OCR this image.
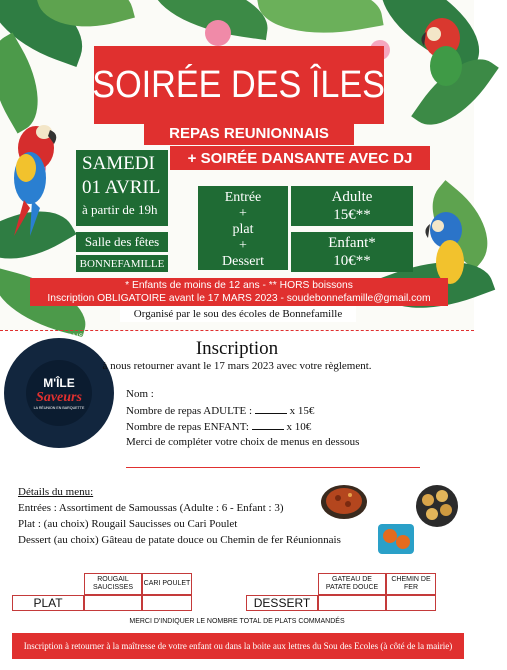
SOIRÉE DES ÎLES
REPAS REUNIONNAIS
+ SOIRÉE DANSANTE AVEC DJ
SAMEDI
01 AVRIL
à partir de 19h
Salle des fêtes
BONNEFAMILLE
Entrée
+
plat
+
Dessert
Adulte
15€**
Enfant*
10€**
* Enfants de moins de 12 ans - ** HORS boissons
Inscription OBLIGATOIRE avant le 17 MARS 2023 - soudebonnefamille@gmail.com
Organisé par le sou des écoles de Bonnefamille
TRAITEUR • FAIT MAISON • PRODUITS FRAIS •
M'ÎLE
Saveurs
LA RÉUNION EN BARQUETTE
Inscription
à nous retourner avant le 17 mars 2023 avec votre règlement.
Nom :
Nombre de repas ADULTE :	x 15€
Nombre de repas ENFANT:	x 10€
Merci de compléter votre choix de menus en dessous
Détails du menu:
Entrées : Assortiment de Samoussas (Adulte : 6 - Enfant : 3)
Plat : (au choix) Rougail Saucisses ou Cari Poulet
Dessert (au choix) Gâteau de patate douce ou Chemin de fer Réunionnais
ROUGAIL SAUCISSES
CARI POULET
PLAT
GATEAU DE PATATE DOUCE
CHEMIN DE FER
DESSERT
MERCI D'INDIQUER LE NOMBRE TOTAL DE PLATS COMMANDÉS
Inscription à retourner à la maîtresse de votre enfant ou dans la boite aux lettres du Sou des Ecoles (à côté de la mairie)
